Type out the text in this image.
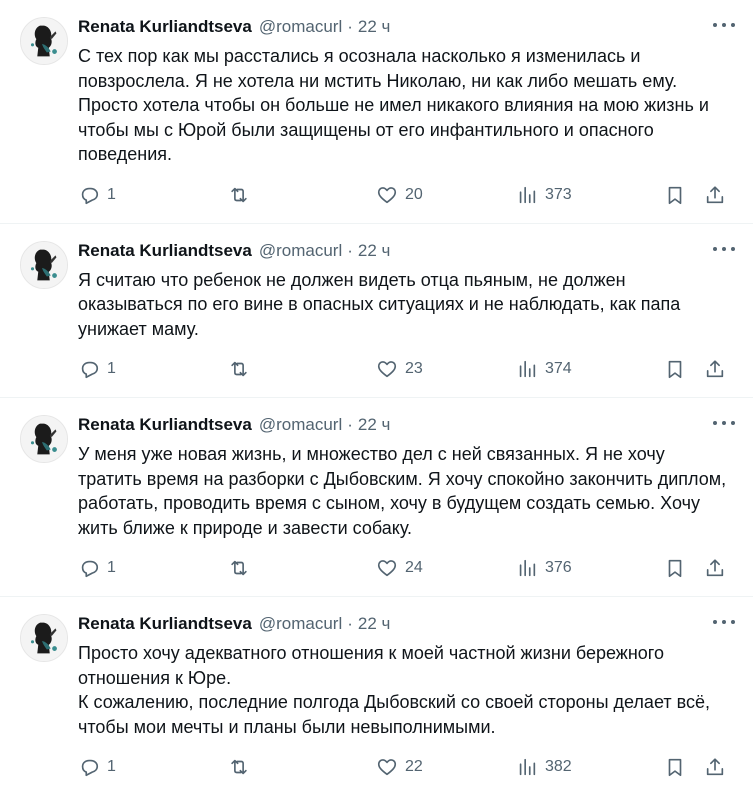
Renata Kurliandtseva @romacurl · 22 ч
С тех пор как мы расстались я осознала насколько я изменилась и повзрослела. Я не хотела ни мстить Николаю, ни как либо мешать ему. Просто хотела чтобы он больше не имел никакого влияния на мою жизнь и чтобы мы с Юрой были защищены от его инфантильного и опасного поведения.
1	20	373
Renata Kurliandtseva @romacurl · 22 ч
Я считаю что ребенок не должен видеть отца пьяным, не должен оказываться по его вине в опасных ситуациях и не наблюдать, как папа унижает маму.
1	23	374
Renata Kurliandtseva @romacurl · 22 ч
У меня уже новая жизнь, и множество дел с ней связанных. Я не хочу тратить время на разборки с Дыбовским. Я хочу спокойно закончить диплом, работать, проводить время с сыном, хочу в будущем создать семью. Хочу жить ближе к природе и завести собаку.
1	24	376
Renata Kurliandtseva @romacurl · 22 ч
Просто хочу адекватного отношения к моей частной жизни бережного отношения к Юре.
К сожалению, последние полгода Дыбовский со своей стороны делает всё, чтобы мои мечты и планы были невыполнимыми.
1	22	382
